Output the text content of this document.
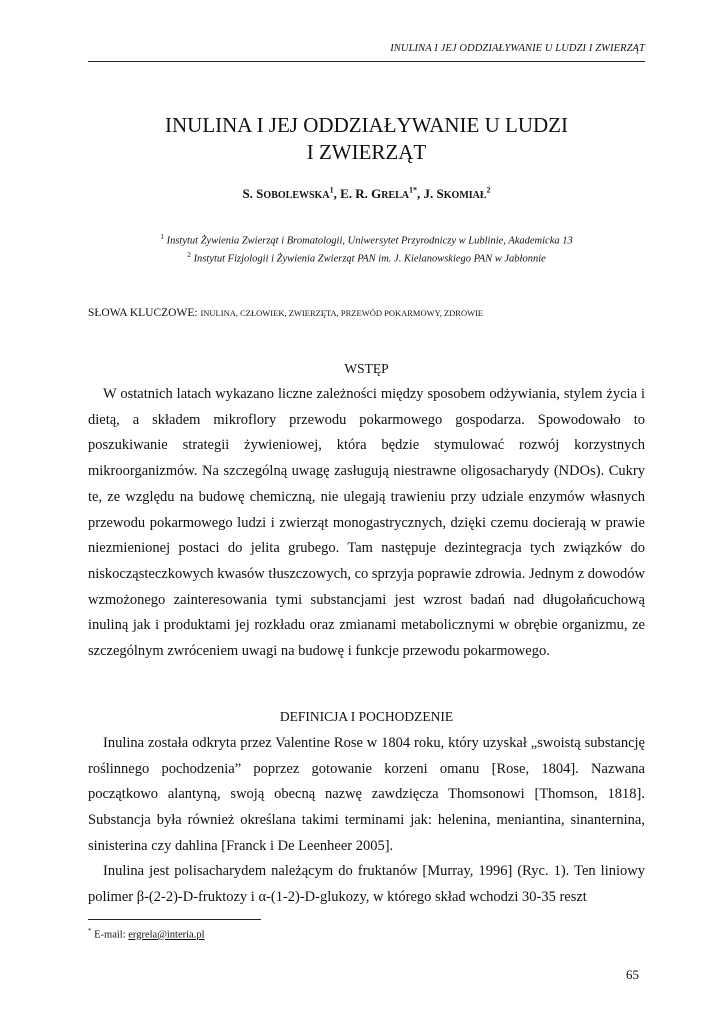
INULINA I JEJ ODDZIAŁYWANIE U LUDZI I ZWIERZĄT
INULINA I JEJ ODDZIAŁYWANIE U LUDZI
I ZWIERZĄT
S. SOBOLEWSKA$^1$, E. R. $GRELA^{1*}$, J. SKOMIAŁ$^2$
$^1$ Instytut Żywienia Zwierząt i Bromatologii, Uniwersytet Przyrodniczy w Lublinie, Akademicka 13
$^2$ Instytut Fizjologii i Żywienia Zwierząt PAN im. J. Kielanowskiego PAN w Jabłonnie
SŁOWA KLUCZOWE: INULINA, CZŁOWIEK, ZWIERZĘTA, PRZEWÓD POKARMOWY, ZDROWIE
WSTĘP

W ostatnich latach wykazano liczne zależności między sposobem odżywiania, stylem życia i dietą, a składem mikroflory przewodu pokarmowego gospodarza. Spowodowało to poszukiwanie strategii żywieniowej, która będzie stymulować rozwój korzystnych mikroorganizmów. Na szczególną uwagę zasługują niestrawne oligosacharydy (NDOs). Cukry te, ze względu na budowę chemiczną, nie ulegają trawieniu przy udziale enzymów własnych przewodu pokarmowego ludzi i zwierząt monogastrycznych, dzięki czemu docierają w prawie niezmienionej postaci do jelita grubego. Tam następuje dezintegracja tych związków do niskocząsteczkowych kwasów tłuszczowych, co sprzyja poprawie zdrowia. Jednym z dowodów wzmożonego zainteresowania tymi substancjami jest wzrost badań nad długołańcuchową inuliną jak i produktami jej rozkładu oraz zmianami metabolicznymi w obrębie organizmu, ze szczególnym zwróceniem uwagi na budowę i funkcje przewodu pokarmowego.

DEFINICJA I POCHODZENIE

Inulina została odkryta przez Valentine Rose w 1804 roku, który uzyskał „swoistą substancję roślinnego pochodzenia” poprzez gotowanie korzeni omanu [Rose, 1804]. Nazwana początkowo alantyną, swoją obecną nazwę zawdzięcza Thomsonowi [Thomson, 1818]. Substancja była również określana takimi terminami jak: helenina, meniantina, sinanternina, sinisterina czy dahlina [Franck i De Leenheer 2005].

Inulina jest polisacharydem należącym do fruktanów [Murray, 1996] (Ryc. 1). Ten liniowy polimer β-(2-2)-D-fruktozy i α-(1-2)-D-glukozy, w którego skład wchodzi 30-35 reszt

* E-mail: ergrela@interia.pl
65
